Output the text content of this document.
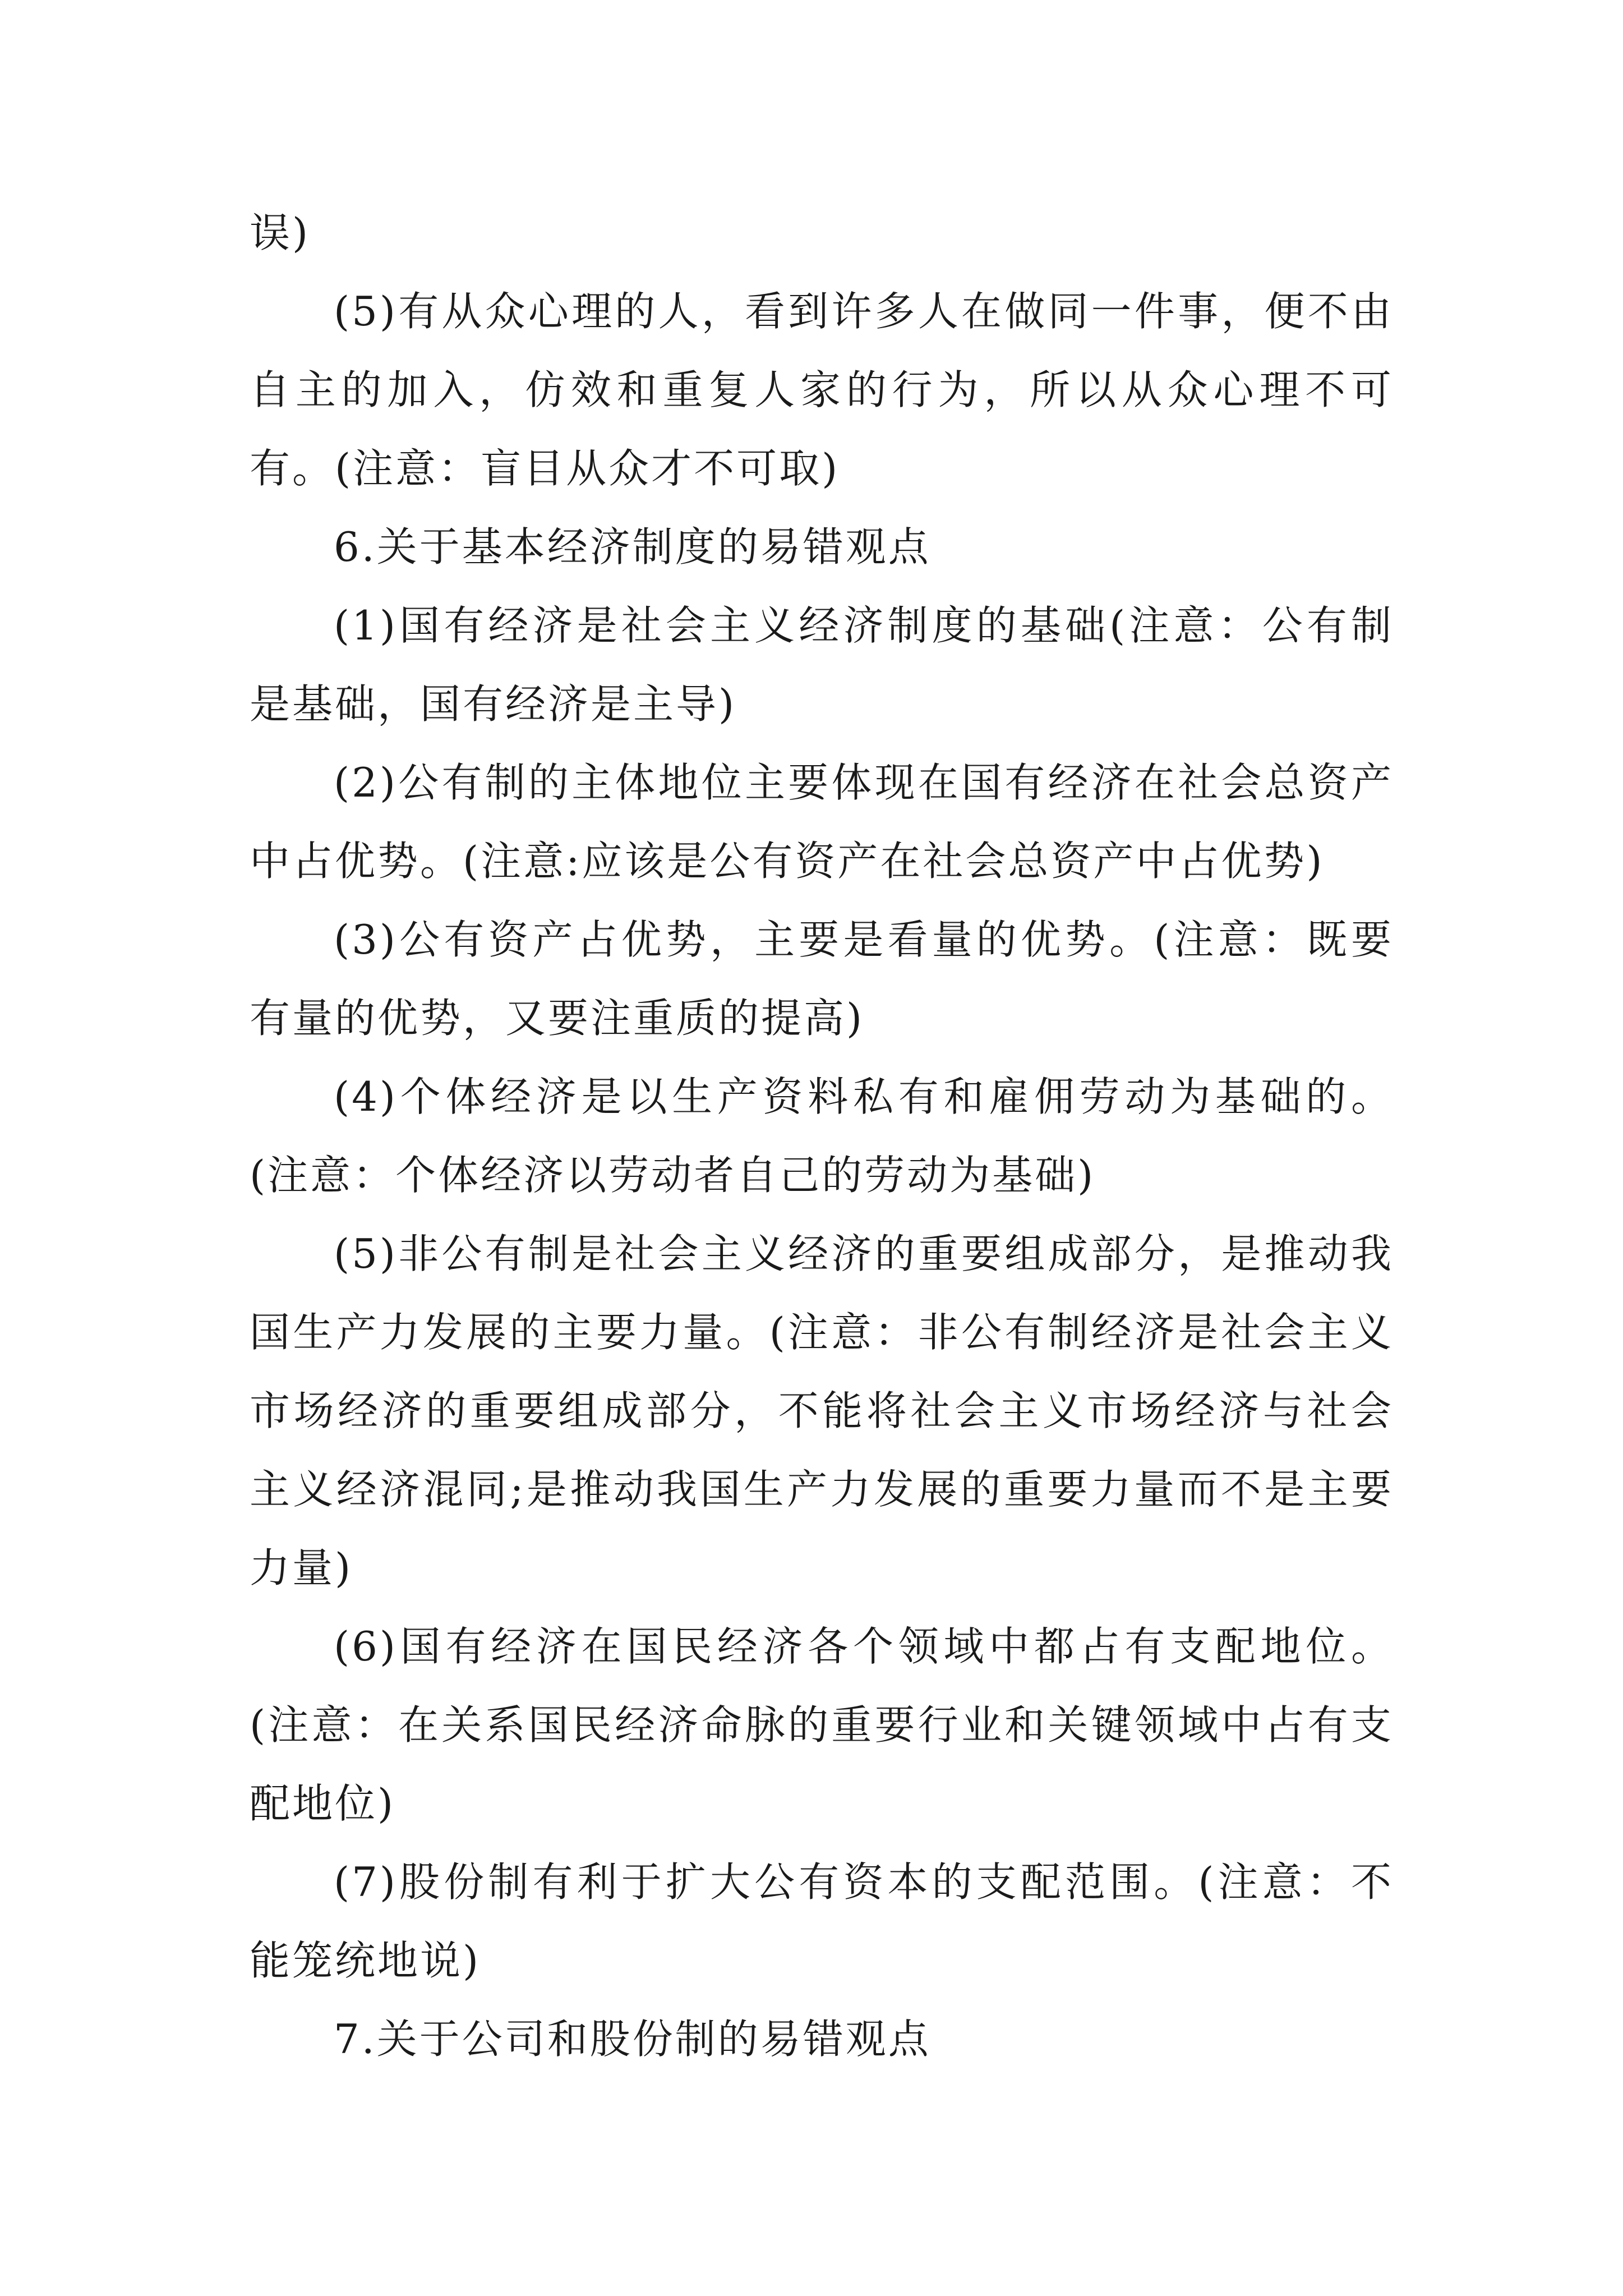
误)

(5)有从众心理的人，看到许多人在做同一件事，便不由自主的加入，仿效和重复人家的行为，所以从众心理不可有。(注意：盲目从众才不可取)

6.关于基本经济制度的易错观点

(1)国有经济是社会主义经济制度的基础(注意：公有制是基础，国有经济是主导)

(2)公有制的主体地位主要体现在国有经济在社会总资产中占优势。(注意:应该是公有资产在社会总资产中占优势)

(3)公有资产占优势，主要是看量的优势。(注意：既要有量的优势，又要注重质的提高)

(4)个体经济是以生产资料私有和雇佣劳动为基础的。(注意：个体经济以劳动者自己的劳动为基础)

(5)非公有制是社会主义经济的重要组成部分，是推动我国生产力发展的主要力量。(注意：非公有制经济是社会主义市场经济的重要组成部分，不能将社会主义市场经济与社会主义经济混同;是推动我国生产力发展的重要力量而不是主要力量)

(6)国有经济在国民经济各个领域中都占有支配地位。(注意：在关系国民经济命脉的重要行业和关键领域中占有支配地位)

(7)股份制有利于扩大公有资本的支配范围。(注意：不能笼统地说)

7.关于公司和股份制的易错观点
